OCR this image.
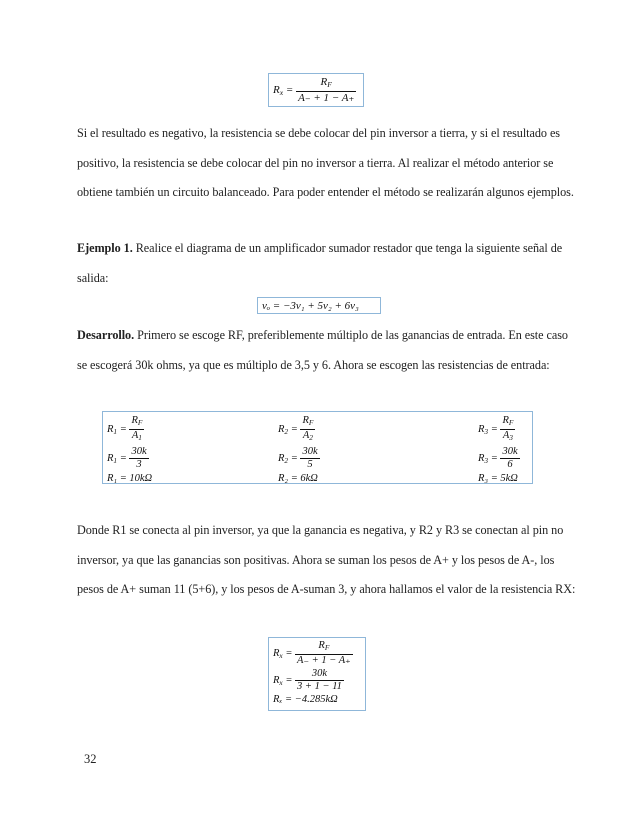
$R_x = \frac{R_F}{A_- + 1 - A_+}$

Si el resultado es negativo, la resistencia se debe colocar del pin inversor a tierra, y si el resultado es positivo, la resistencia se debe colocar del pin no inversor a tierra. Al realizar el método anterior se obtiene también un circuito balanceado. Para poder entender el método se realizarán algunos ejemplos.

Ejemplo 1. Realice el diagrama de un amplificador sumador restador que tenga la siguiente señal de salida:

vₒ = −3v₁ + 5v₂ + 6v₃

Desarrollo. Primero se escoge RF, preferiblemente múltiplo de las ganancias de entrada. En este caso se escogerá 30k ohms, ya que es múltiplo de 3,5 y 6. Ahora se escogen las resistencias de entrada:

$R_1 = \frac{R_F}{A_1}$
$R_1 = \frac{30k}{3}$
R₁ = 10kΩ
$R_2 = \frac{R_F}{A_2}$
$R_2 = \frac{30k}{5}$
R₂ = 6kΩ
$R_3 = \frac{R_F}{A_3}$
$R_3 = \frac{30k}{6}$
R₃ = 5kΩ

Donde R1 se conecta al pin inversor, ya que la ganancia es negativa, y R2 y R3 se conectan al pin no inversor, ya que las ganancias son positivas. Ahora se suman los pesos de A+ y los pesos de A-, los pesos de A+ suman 11 (5+6), y los pesos de A-suman 3, y ahora hallamos el valor de la resistencia RX:

$R_x = \frac{R_F}{A_- + 1 - A_+}$
$R_x = \frac{30k}{3 + 1 - 11}$
Rₓ = −4.285kΩ
32
